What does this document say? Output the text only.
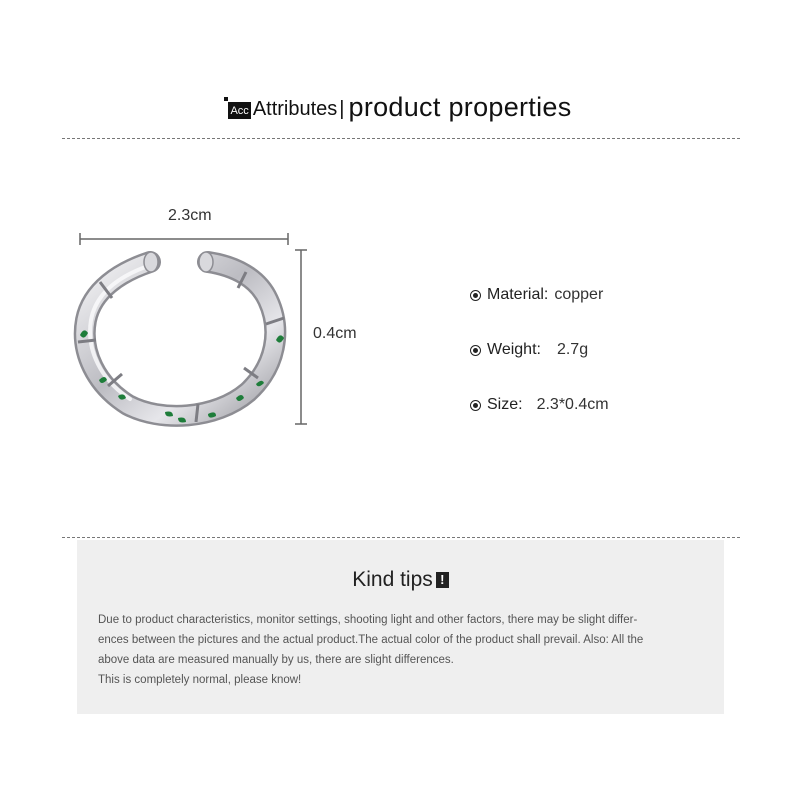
Acc Attributes | product properties
2.3cm
0.4cm
Material: copper
Weight: 2.7g
Size: 2.3*0.4cm
Kind tips !

Due to product characteristics, monitor settings, shooting light and other factors, there may be slight differ-

ences between the pictures and the actual product.The actual color of the product shall prevail. Also: All the

above data are measured manually by us, there are slight differences.

This is completely normal, please know!
